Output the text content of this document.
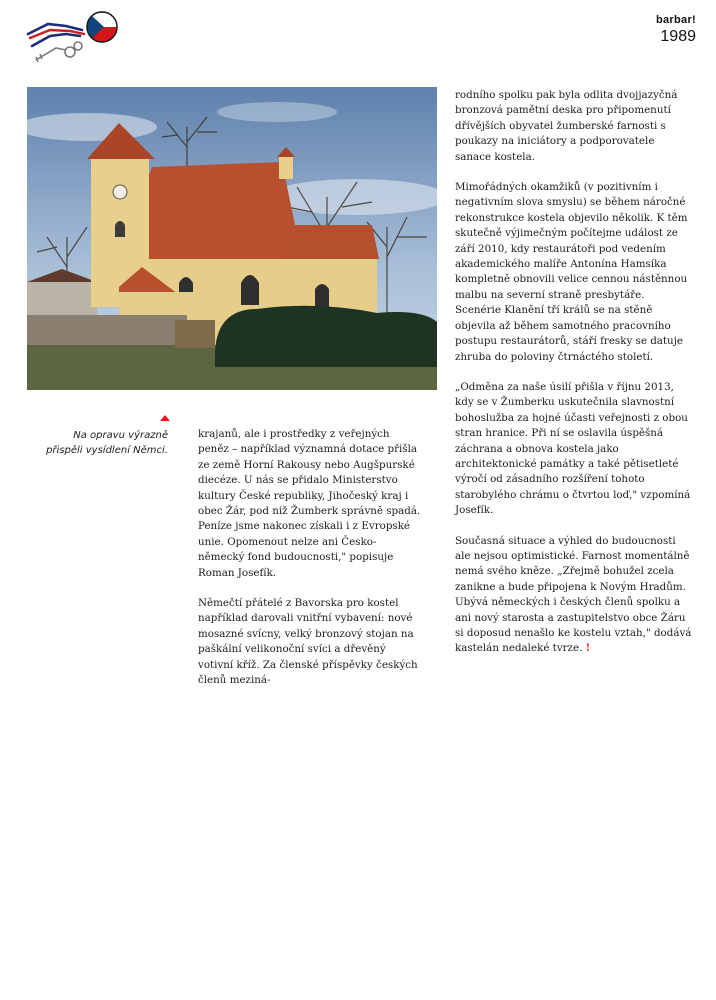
barbar!
1989
Na opravu výrazně přispěli vysídlení Němci.

krajanů, ale i prostředky z veřejných peněz – například významná dotace přišla ze země Horní Rakousy nebo Augšpurské diecéze. U nás se přidalo Ministerstvo kultury České republiky, Jihočeský kraj i obec Žár, pod niž Žumberk správně spadá. Peníze jsme nakonec získali i z Evropské unie. Opomenout nelze ani Česko-německý fond budoucnosti," popisuje Roman Josefík.

Němečtí přátelé z Bavorska pro kostel například darovali vnitřní vybavení: nové mosazné svícny, velký bronzový stojan na paškální velikonoční svíci a dřevěný votivní kříž. Za členské příspěvky českých členů meziná-

rodního spolku pak byla odlita dvojjazyčná bronzová pamětní deska pro připomenutí dřívějších obyvatel žumberské farnosti s poukazy na iniciátory a podporovatele sanace kostela.

Mimořádných okamžiků (v pozitivním i negativním slova smyslu) se během náročné rekonstrukce kostela objevilo několik. K těm skutečně výjimečným počítejme událost ze září 2010, kdy restaurátoři pod vedením akademického malíře Antonína Hamsíka kompletně obnovili velice cennou nástěnnou malbu na severní straně presbytáře. Scenérie Klanění tří králů se na stěně objevila až během samotného pracovního postupu restaurátorů, stáří fresky se datuje zhruba do poloviny čtrnáctého století.

„Odměna za naše úsilí přišla v říjnu 2013, kdy se v Žumberku uskutečnila slavnostní bohoslužba za hojné účasti veřejnosti z obou stran hranice. Při ní se oslavila úspěšná záchrana a obnova kostela jako architektonické památky a také pětisetleté výročí od zásadního rozšíření tohoto starobylého chrámu o čtvrtou loď," vzpomíná Josefík.

Současná situace a výhled do budoucnosti ale nejsou optimistické. Farnost momentálně nemá svého kněze. „Zřejmě bohužel zcela zanikne a bude připojena k Novým Hradům. Ubývá německých i českých členů spolku a ani nový starosta a zastupitelstvo obce Žáru si doposud nenašlo ke kostelu vztah," dodává kastelán nedaleké tvrze. !
